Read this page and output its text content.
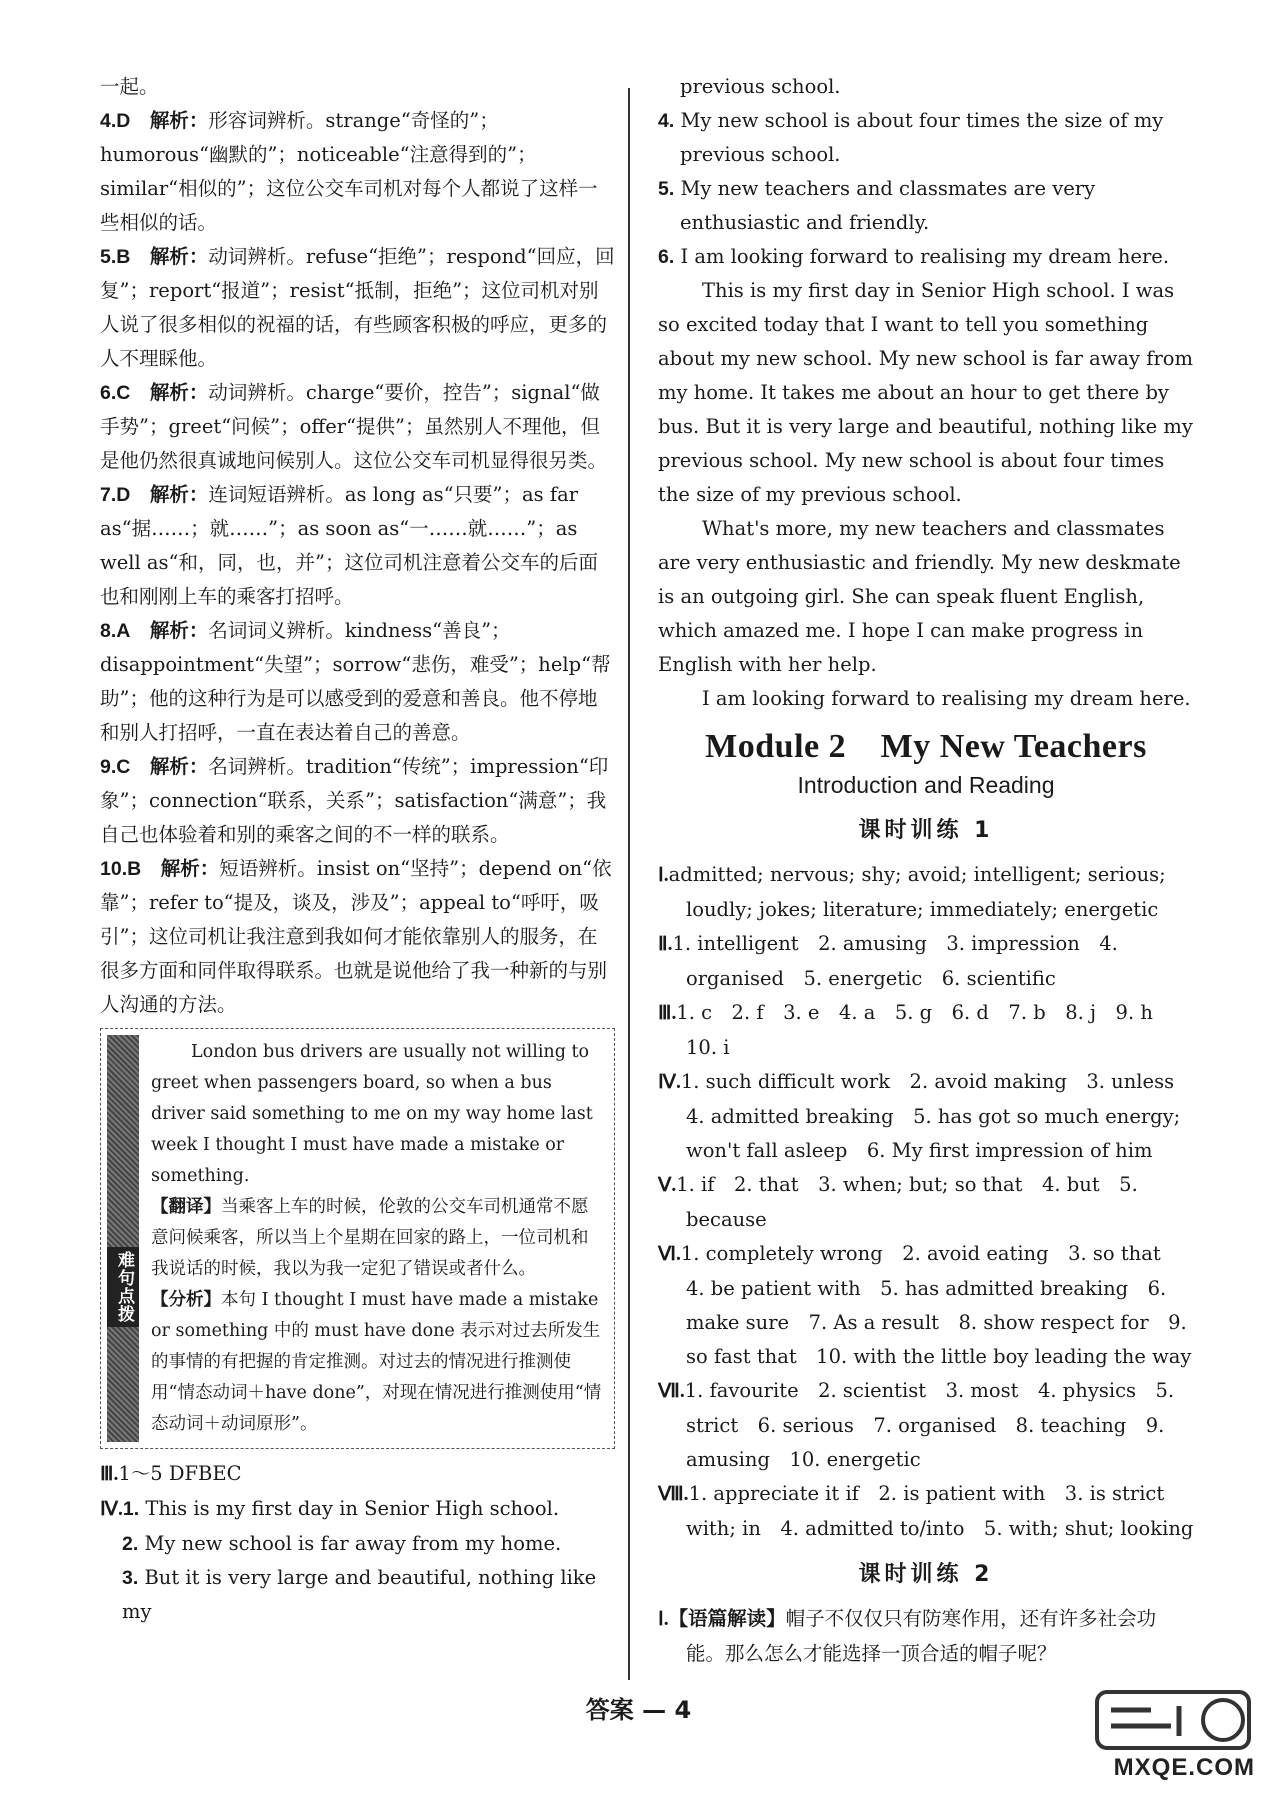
一起。

4.D　 解析：形容词辨析。strange“奇怪的”；humorous“幽默的”；noticeable“注意得到的”；similar“相似的”；这位公交车司机对每个人都说了这样一些相似的话。

5.B　 解析：动词辨析。refuse“拒绝”；respond“回应，回复”；report“报道”；resist“抵制，拒绝”；这位司机对别人说了很多相似的祝福的话，有些顾客积极的呼应，更多的人不理睬他。

6.C　 解析：动词辨析。charge“要价，控告”；signal“做手势”；greet“问候”；offer“提供”；虽然别人不理他，但是他仍然很真诚地问候别人。这位公交车司机显得很另类。

7.D　 解析：连词短语辨析。as long as“只要”；as far as“据……；就……”；as soon as“一……就……”；as well as“和，同，也，并”；这位司机注意着公交车的后面也和刚刚上车的乘客打招呼。

8.A　 解析：名词词义辨析。kindness“善良”；disappointment“失望”；sorrow“悲伤，难受”；help“帮助”；他的这种行为是可以感受到的爱意和善良。他不停地和别人打招呼，一直在表达着自己的善意。

9.C　 解析：名词辨析。tradition“传统”；impression“印象”；connection“联系，关系”；satisfaction“满意”；我自己也体验着和别的乘客之间的不一样的联系。

10.B　 解析：短语辨析。insist on“坚持”；depend on“依靠”；refer to“提及，谈及，涉及”；appeal to“呼吁，吸引”；这位司机让我注意到我如何才能依靠别人的服务，在很多方面和同伴取得联系。也就是说他给了我一种新的与别人沟通的方法。

难句点拨

London bus drivers are usually not willing to greet when passengers board, so when a bus driver said something to me on my way home last week I thought I must have made a mistake or something.

【翻译】当乘客上车的时候，伦敦的公交车司机通常不愿意问候乘客，所以当上个星期在回家的路上，一位司机和我说话的时候，我以为我一定犯了错误或者什么。

【分析】本句 I thought I must have made a mistake or something 中的 must have done 表示对过去所发生的事情的有把握的肯定推测。对过去的情况进行推测使用“情态动词＋have done”，对现在情况进行推测使用“情态动词＋动词原形”。

Ⅲ.1～5 DFBEC

Ⅳ.1. This is my first day in Senior High school.

2. My new school is far away from my home.

3. But it is very large and beautiful, nothing like my

previous school.

4. My new school is about four times the size of my previous school.

5. My new teachers and classmates are very enthusiastic and friendly.

6. I am looking forward to realising my dream here.

This is my first day in Senior High school. I was so excited today that I want to tell you something about my new school. My new school is far away from my home. It takes me about an hour to get there by bus. But it is very large and beautiful, nothing like my previous school. My new school is about four times the size of my previous school.

What's more, my new teachers and classmates are very enthusiastic and friendly. My new deskmate is an outgoing girl. She can speak fluent English, which amazed me. I hope I can make progress in English with her help.

I am looking forward to realising my dream here.

Module 2　My New Teachers
Introduction and Reading
课时训练 1

Ⅰ.admitted; nervous; shy; avoid; intelligent; serious; loudly; jokes; literature; immediately; energetic

Ⅱ.1. intelligent　2. amusing　3. impression　4. organised　5. energetic　6. scientific

Ⅲ.1. c　2. f　3. e　4. a　5. g　6. d　7. b　8. j　9. h　10. i

Ⅳ.1. such difficult work　2. avoid making　3. unless　4. admitted breaking　5. has got so much energy; won't fall asleep　6. My first impression of him

Ⅴ.1. if　2. that　3. when; but; so that　4. but　5. because

Ⅵ.1. completely wrong　2. avoid eating　3. so that　4. be patient with　5. has admitted breaking　6. make sure　7. As a result　8. show respect for　9. so fast that　10. with the little boy leading the way

Ⅶ.1. favourite　2. scientist　3. most　4. physics　5. strict　6. serious　7. organised　8. teaching　9. amusing　10. energetic

Ⅷ.1. appreciate it if　2. is patient with　3. is strict with; in　4. admitted to/into　5. with; shut; looking

课时训练 2

Ⅰ.【语篇解读】帽子不仅仅只有防寒作用，还有许多社会功能。那么怎么才能选择一顶合适的帽子呢？

答案 — 4
MXQE.COM
